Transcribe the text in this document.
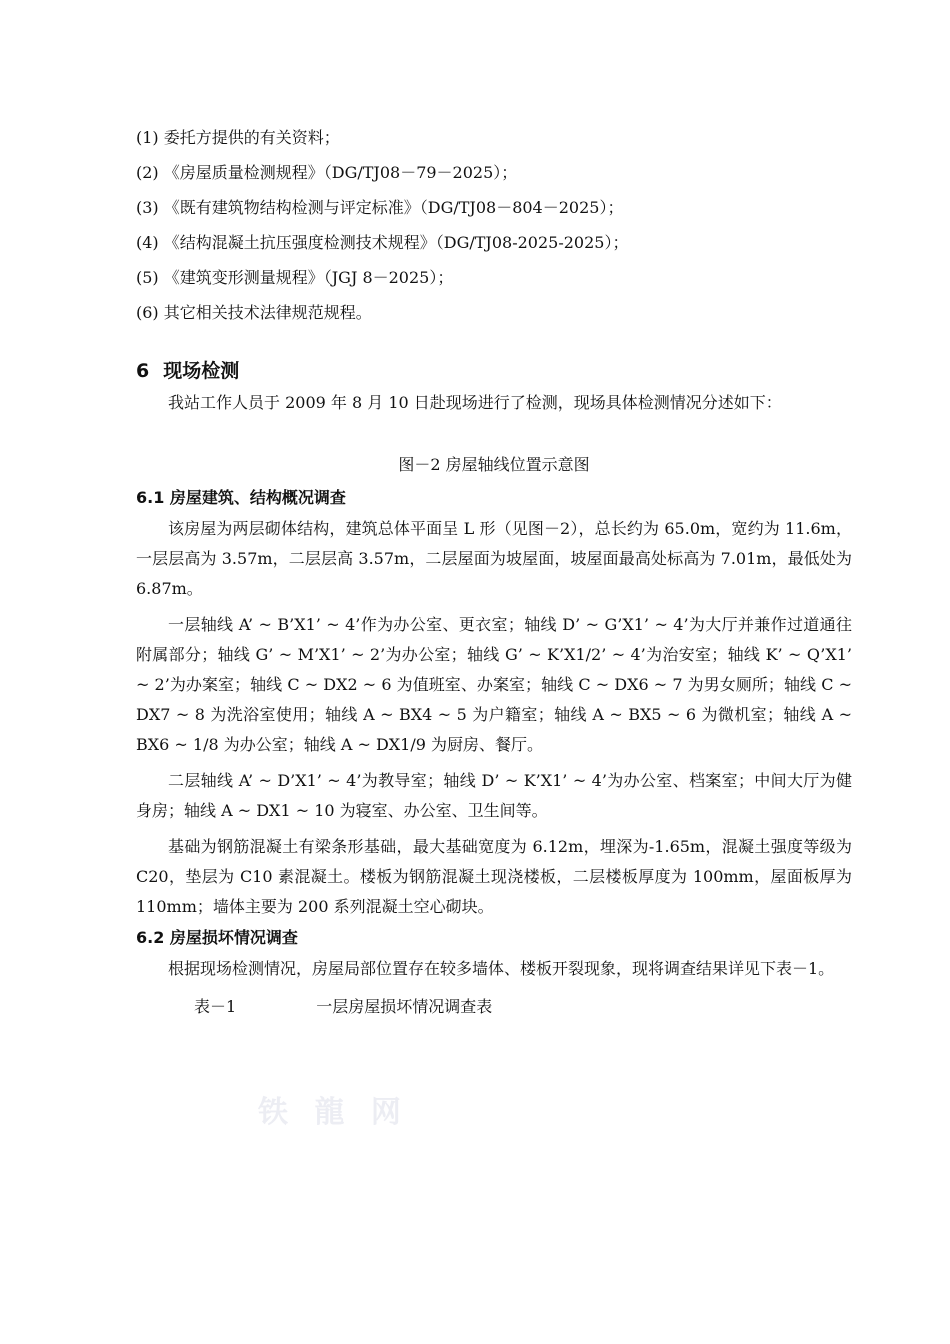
(1) 委托方提供的有关资料；
(2) 《房屋质量检测规程》（DG/TJ08－79－2025）；
(3) 《既有建筑物结构检测与评定标准》（DG/TJ08－804－2025）；
(4) 《结构混凝土抗压强度检测技术规程》（DG/TJ08-2025-2025）；
(5) 《建筑变形测量规程》（JGJ 8－2025）；
(6) 其它相关技术法律规范规程。
6 现场检测

我站工作人员于 2009 年 8 月 10 日赴现场进行了检测，现场具体检测情况分述如下：

图－2 房屋轴线位置示意图
6.1 房屋建筑、结构概况调查

该房屋为两层砌体结构，建筑总体平面呈 L 形（见图－2），总长约为 65.0m，宽约为 11.6m，一层层高为 3.57m，二层层高 3.57m，二层屋面为坡屋面，坡屋面最高处标高为 7.01m，最低处为 6.87m。

一层轴线 A’ ~ B’X1’ ~ 4’作为办公室、更衣室；轴线 D’ ~ G’X1’ ~ 4’为大厅并兼作过道通往附属部分；轴线 G’ ~ M’X1’ ~ 2’为办公室；轴线 G’ ~ K’X1/2’ ~ 4’为治安室；轴线 K’ ~ Q’X1’ ~ 2’为办案室；轴线 C ~ DX2 ~ 6 为值班室、办案室；轴线 C ~ DX6 ~ 7 为男女厕所；轴线 C ~ DX7 ~ 8 为洗浴室使用；轴线 A ~ BX4 ~ 5 为户籍室；轴线 A ~ BX5 ~ 6 为微机室；轴线 A ~ BX6 ~ 1/8 为办公室；轴线 A ~ DX1/9 为厨房、餐厅。

二层轴线 A’ ~ D’X1’ ~ 4’为教导室；轴线 D’ ~ K’X1’ ~ 4’为办公室、档案室；中间大厅为健身房；轴线 A ~ DX1 ~ 10 为寝室、办公室、卫生间等。

基础为钢筋混凝土有梁条形基础，最大基础宽度为 6.12m，埋深为-1.65m，混凝土强度等级为 C20，垫层为 C10 素混凝土。楼板为钢筋混凝土现浇楼板，二层楼板厚度为 100mm，屋面板厚为 110mm；墙体主要为 200 系列混凝土空心砌块。

6.2 房屋损坏情况调查

根据现场检测情况，房屋局部位置存在较多墙体、楼板开裂现象，现将调查结果详见下表－1。

表－1	一层房屋损坏情况调查表
铁 龍 网
